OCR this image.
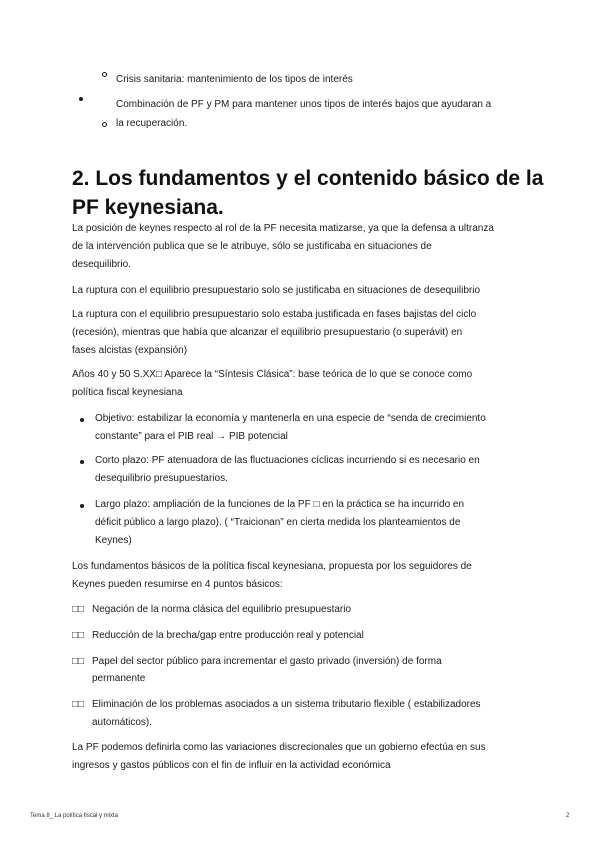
Crisis sanitaria: mantenimiento de los tipos de interés
Combinación de PF y PM para mantener unos tipos de interés bajos que ayudaran a
la recuperación.
2. Los fundamentos y el contenido básico de la
PF keynesiana.
La posición de keynes respecto al rol de la PF necesita matizarse, ya que la defensa a ultranza
de la intervención publica que se le atribuye, sólo se justificaba en situaciones de
desequilibrio.
La ruptura con el equilibrio presupuestario solo se justificaba en situaciones de desequilibrio
La ruptura con el equilibrio presupuestario solo estaba justificada en fases bajistas del ciclo
(recesión), mientras que había que alcanzar el equilibrio presupuestario (o superávit) en
fases alcistas (expansión)
Años 40 y 50 S.XX□ Aparece la “Síntesis Clásica”: base teórica de lo que se conoce como
política fiscal keynesiana
Objetivo: estabilizar la economía y mantenerla en una especie de “senda de crecimiento
constante” para el PIB real → PIB potencial
Corto plazo: PF atenuadora de las fluctuaciones cíclicas incurriendo si es necesario en
desequilibrio presupuestarios.
Largo plazo: ampliación de la funciones de la PF □ en la práctica se ha incurrido en
déficit público a largo plazo). ( “Traicionan” en cierta medida los planteamientos de
Keynes)
Los fundamentos básicos de la política fiscal keynesiana, propuesta por los seguidores de
Keynes pueden resumirse en 4 puntos básicos:
□□ Negación de la norma clásica del equilibrio presupuestario
□□ Reducción de la brecha/gap entre producción real y potencial
□□ Papel del sector público para incrementar el gasto privado (inversión) de forma
permanente
□□ Eliminación de los problemas asociados a un sistema tributario flexible ( estabilizadores
automáticos).
La PF podemos definirla como las variaciones discrecionales que un gobierno efectúa en sus
ingresos y gastos públicos con el fin de influir en la actividad económica
Tema 8_ La política fiscal y mixta	2
